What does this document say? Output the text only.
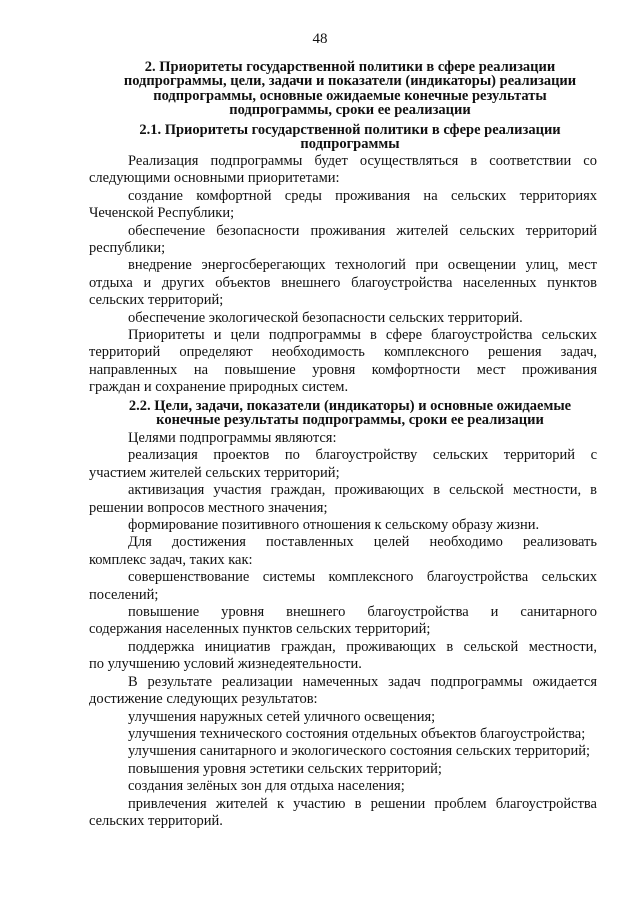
48
2. Приоритеты государственной политики в сфере реализации
подпрограммы, цели, задачи и показатели (индикаторы) реализации
подпрограммы, основные ожидаемые конечные результаты
подпрограммы, сроки ее реализации
2.1. Приоритеты государственной политики в сфере реализации
подпрограммы

Реализация подпрограммы будет осуществляться в соответствии со
следующими основными приоритетами:

создание комфортной среды проживания на сельских территориях
Чеченской Республики;

обеспечение безопасности проживания жителей сельских территорий
республики;

внедрение энергосберегающих технологий при освещении улиц, мест
отдыха и других объектов внешнего благоустройства населенных пунктов
сельских территорий;

обеспечение экологической безопасности сельских территорий.

Приоритеты и цели подпрограммы в сфере благоустройства сельских
территорий определяют необходимость комплексного решения задач,
направленных на повышение уровня комфортности мест проживания
граждан и сохранение природных систем.

2.2. Цели, задачи, показатели (индикаторы) и основные ожидаемые
конечные результаты подпрограммы, сроки ее реализации

Целями подпрограммы являются:

реализация проектов по благоустройству сельских территорий с
участием жителей сельских территорий;

активизация участия граждан, проживающих в сельской местности, в
решении вопросов местного значения;

формирование позитивного отношения к сельскому образу жизни.

Для достижения поставленных целей необходимо реализовать
комплекс задач, таких как:

совершенствование системы комплексного благоустройства сельских
поселений;

повышение уровня внешнего благоустройства и санитарного
содержания населенных пунктов сельских территорий;

поддержка инициатив граждан, проживающих в сельской местности,
по улучшению условий жизнедеятельности.

В результате реализации намеченных задач подпрограммы ожидается
достижение следующих результатов:

улучшения наружных сетей уличного освещения;

улучшения технического состояния отдельных объектов благоустройства;

улучшения санитарного и экологического состояния сельских территорий;

повышения уровня эстетики сельских территорий;

создания зелёных зон для отдыха населения;

привлечения жителей к участию в решении проблем благоустройства
сельских территорий.
